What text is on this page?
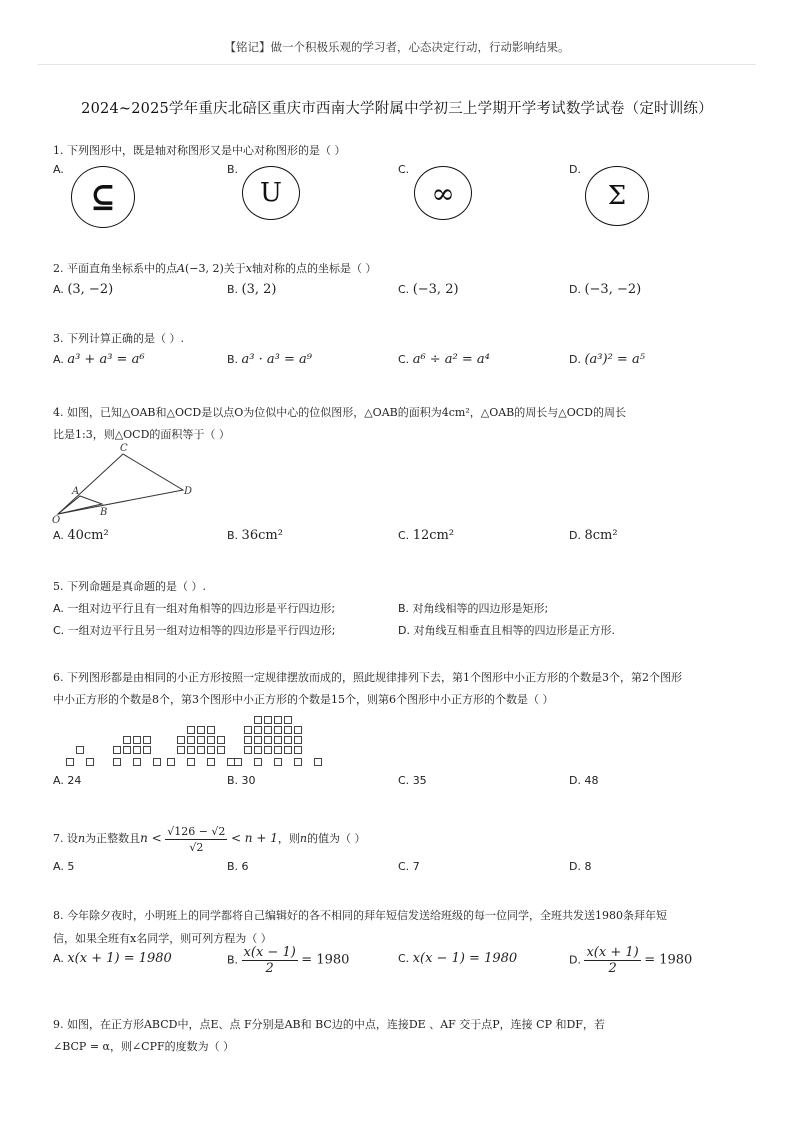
【铭记】做一个积极乐观的学习者，心态决定行动，行动影响结果。
2024~2025学年重庆北碚区重庆市西南大学附属中学初三上学期开学考试数学试卷（定时训练）
1. 下列图形中，既是轴对称图形又是中心对称图形的是（ ）
A.
⊆
B.
U
C.
∞
D.
Σ
2. 平面直角坐标系中的点A(−3, 2)关于x轴对称的点的坐标是（ ）
A. (3, −2)	B. (3, 2)	C. (−3, 2)	D. (−3, −2)
3. 下列计算正确的是（ ）.
A. a³ + a³ = a⁶	B. a³ · a³ = a⁹	C. a⁶ ÷ a² = a⁴	D. (a³)² = a⁵
4. 如图，已知△OAB和△OCD是以点O为位似中心的位似图形，△OAB的面积为4cm²，△OAB的周长与△OCD的周长
比是1:3，则△OCD的面积等于（ ）
C
A	D
O
B
A. 40cm²	B. 36cm²	C. 12cm²	D. 8cm²
5. 下列命题是真命题的是（ ）.
A. 一组对边平行且有一组对角相等的四边形是平行四边形;	B. 对角线相等的四边形是矩形;
C. 一组对边平行且另一组对边相等的四边形是平行四边形;	D. 对角线互相垂直且相等的四边形是正方形.
6. 下列图形都是由相同的小正方形按照一定规律摆放而成的，照此规律排列下去，第1个图形中小正方形的个数是3个，第2个图形
中小正方形的个数是8个，第3个图形中小正方形的个数是15个，则第6个图形中小正方形的个数是（ ）
A. 24	B. 30	C. 35	D. 48
7. 设n为正整数且$n < \frac{√126 - √2}{√2} < n + 1$，则n的值为（ ）
A. 5	B. 6	C. 7	D. 8
8. 今年除夕夜时，小明班上的同学都将自己编辑好的各不相同的拜年短信发送给班级的每一位同学，全班共发送1980条拜年短
信，如果全班有x名同学，则可列方程为（ ）
A. x(x + 1) = 1980	B. $\frac{x(x - 1)}{2} = 1980$	C. x(x − 1) = 1980	D. $\frac{x(x + 1)}{2} = 1980$
9. 如图，在正方形ABCD中，点E、点 F分别是AB和 BC边的中点，连接DE 、AF 交于点P，连接 CP 和DF，若
∠BCP = α，则∠CPF的度数为（ ）
